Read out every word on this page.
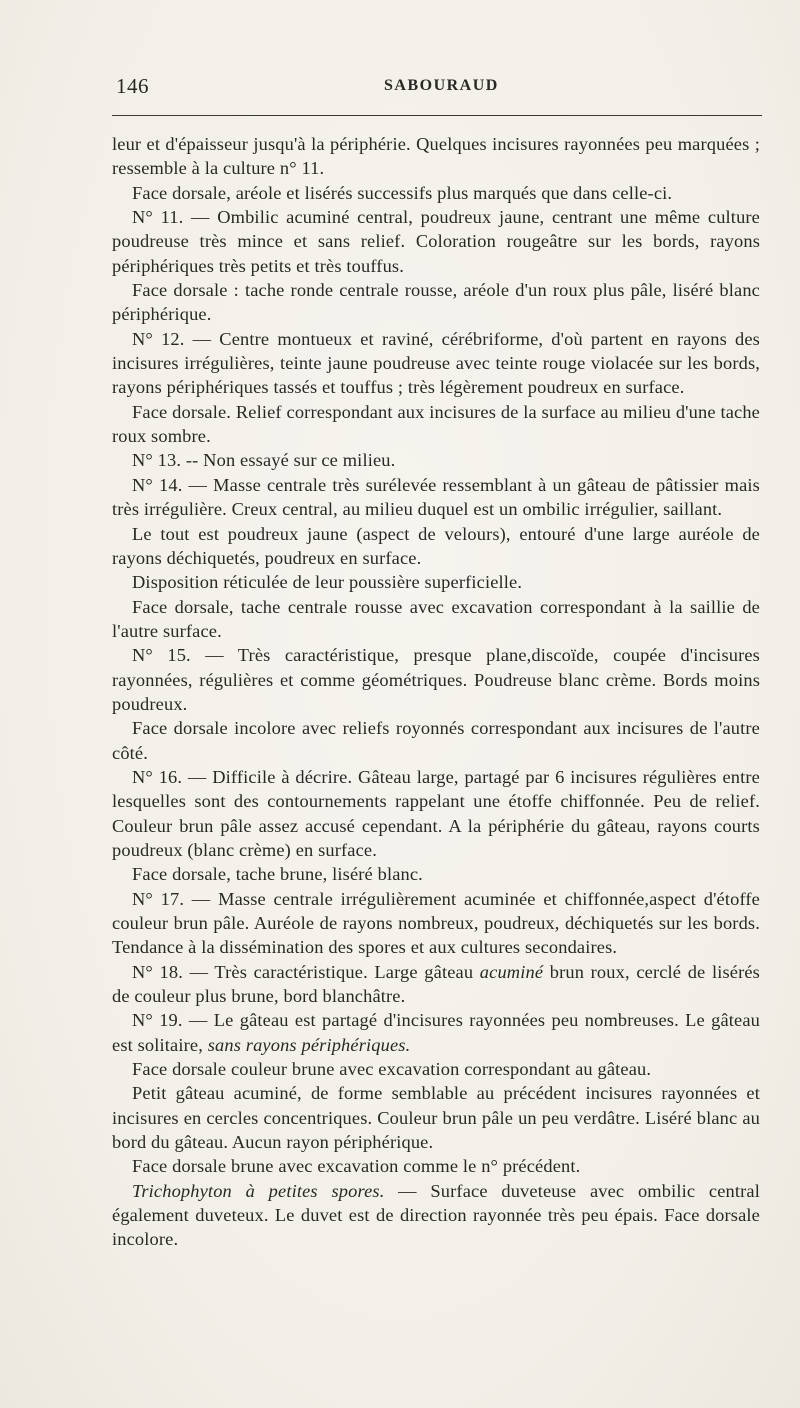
146	SABOURAUD

leur et d'épaisseur jusqu'à la périphérie. Quelques incisures rayonnées peu marquées ; ressemble à la culture n° 11.

Face dorsale, aréole et lisérés successifs plus marqués que dans celle-ci.

N° 11. — Ombilic acuminé central, poudreux jaune, centrant une même culture poudreuse très mince et sans relief. Coloration rougeâtre sur les bords, rayons périphériques très petits et très touffus.

Face dorsale : tache ronde centrale rousse, aréole d'un roux plus pâle, liséré blanc périphérique.

N° 12. — Centre montueux et raviné, cérébriforme, d'où partent en rayons des incisures irrégulières, teinte jaune poudreuse avec teinte rouge violacée sur les bords, rayons périphériques tassés et touffus ; très légèrement poudreux en surface.

Face dorsale. Relief correspondant aux incisures de la surface au milieu d'une tache roux sombre.

N° 13. -- Non essayé sur ce milieu.

N° 14. — Masse centrale très surélevée ressemblant à un gâteau de pâtissier mais très irrégulière. Creux central, au milieu duquel est un ombilic irrégulier, saillant.

Le tout est poudreux jaune (aspect de velours), entouré d'une large auréole de rayons déchiquetés, poudreux en surface.

Disposition réticulée de leur poussière superficielle.

Face dorsale, tache centrale rousse avec excavation correspondant à la saillie de l'autre surface.

N° 15. — Très caractéristique, presque plane,discoïde, coupée d'incisures rayonnées, régulières et comme géométriques. Poudreuse blanc crème. Bords moins poudreux.

Face dorsale incolore avec reliefs royonnés correspondant aux incisures de l'autre côté.

N° 16. — Difficile à décrire. Gâteau large, partagé par 6 incisures régulières entre lesquelles sont des contournements rappelant une étoffe chiffonnée. Peu de relief. Couleur brun pâle assez accusé cependant. A la périphérie du gâteau, rayons courts poudreux (blanc crème) en surface.

Face dorsale, tache brune, liséré blanc.

N° 17. — Masse centrale irrégulièrement acuminée et chiffonnée,aspect d'étoffe couleur brun pâle. Auréole de rayons nombreux, poudreux, déchiquetés sur les bords. Tendance à la dissémination des spores et aux cultures secondaires.

N° 18. — Très caractéristique. Large gâteau acuminé brun roux, cerclé de lisérés de couleur plus brune, bord blanchâtre.

N° 19. — Le gâteau est partagé d'incisures rayonnées peu nombreuses. Le gâteau est solitaire, sans rayons périphériques.

Face dorsale couleur brune avec excavation correspondant au gâteau.

Petit gâteau acuminé, de forme semblable au précédent incisures rayonnées et incisures en cercles concentriques. Couleur brun pâle un peu verdâtre. Liséré blanc au bord du gâteau. Aucun rayon périphérique.

Face dorsale brune avec excavation comme le n° précédent.

Trichophyton à petites spores. — Surface duveteuse avec ombilic central également duveteux. Le duvet est de direction rayonnée très peu épais. Face dorsale incolore.
